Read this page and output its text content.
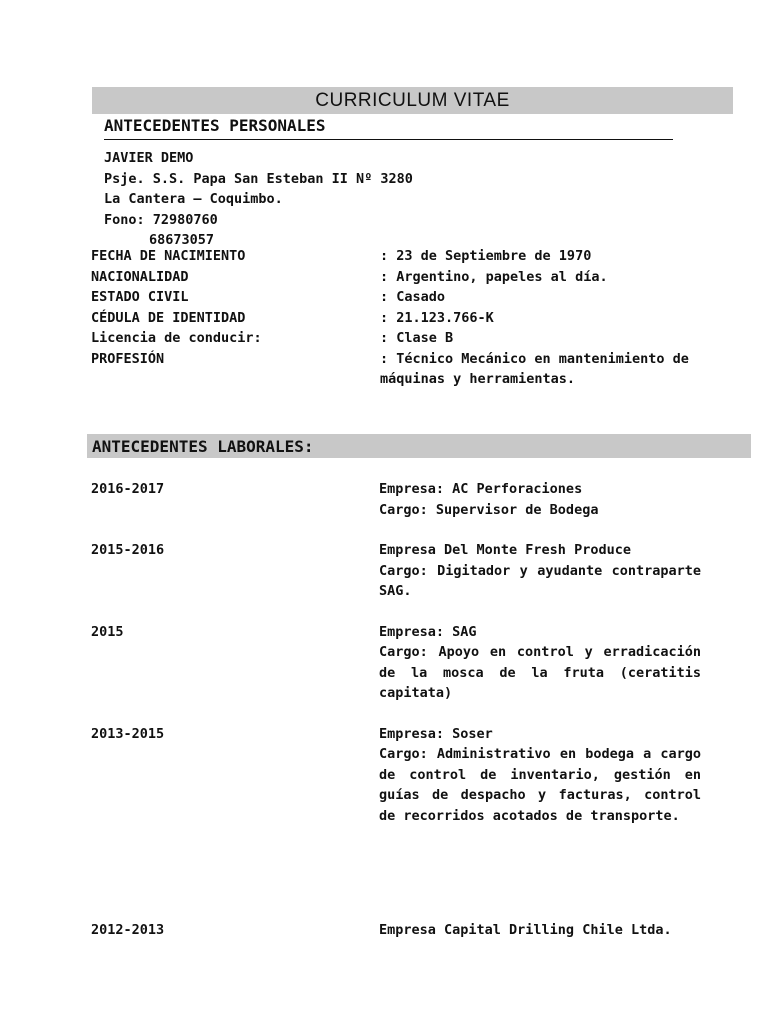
CURRICULUM VITAE
ANTECEDENTES PERSONALES
JAVIER DEMO
Psje. S.S. Papa San Esteban II Nº 3280
La Cantera – Coquimbo.
Fono: 72980760
68673057
FECHA DE NACIMIENTO	: 23 de Septiembre de 1970
NACIONALIDAD	: Argentino, papeles al día.
ESTADO CIVIL	: Casado
CÉDULA DE IDENTIDAD	: 21.123.766-K
Licencia de conducir:	: Clase B
PROFESIÓN	: Técnico Mecánico en mantenimiento de máquinas y herramientas.
ANTECEDENTES LABORALES:
2016-2017	Empresa: AC Perforaciones
Cargo: Supervisor de Bodega
2015-2016	Empresa Del Monte Fresh Produce
Cargo: Digitador y ayudante contraparte SAG.
2015	Empresa: SAG
Cargo: Apoyo en control y erradicación de la mosca de la fruta (ceratitis capitata)
2013-2015	Empresa: Soser
Cargo: Administrativo en bodega a cargo de control de inventario, gestión en guías de despacho y facturas, control de recorridos acotados de transporte.
2012-2013	Empresa Capital Drilling Chile Ltda.
